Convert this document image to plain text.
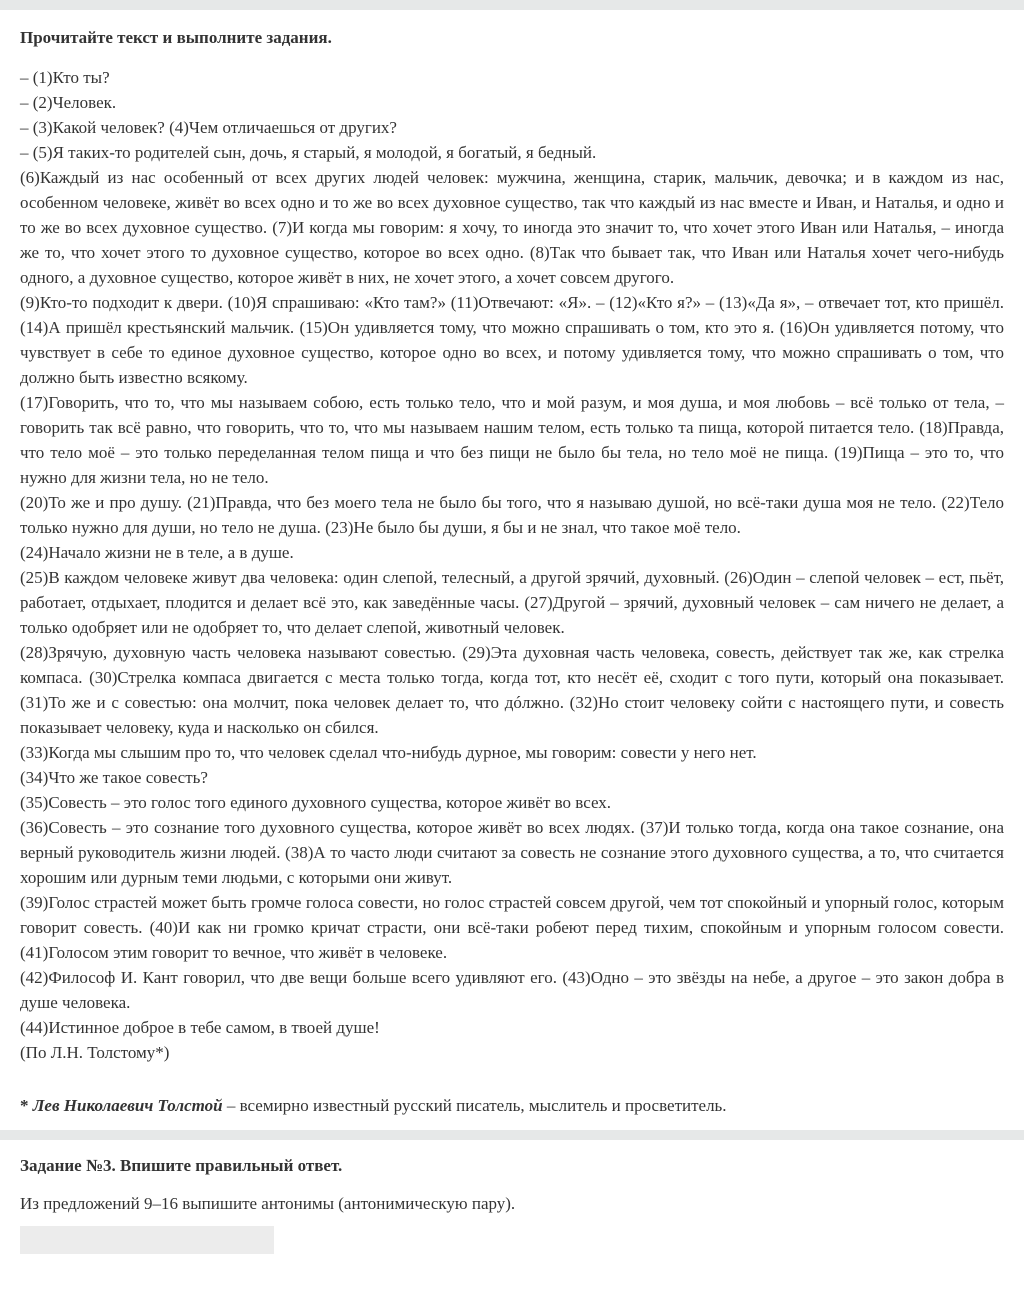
Прочитайте текст и выполните задания.

– (1)Кто ты?

– (2)Человек.

– (3)Какой человек? (4)Чем отличаешься от других?

– (5)Я таких-то родителей сын, дочь, я старый, я молодой, я богатый, я бедный.

(6)Каждый из нас особенный от всех других людей человек: мужчина, женщина, старик, мальчик, девочка; и в каждом из нас, особенном человеке, живёт во всех одно и то же во всех духовное существо, так что каждый из нас вместе и Иван, и Наталья, и одно и то же во всех духовное существо. (7)И когда мы говорим: я хочу, то иногда это значит то, что хочет этого Иван или Наталья, – иногда же то, что хочет этого то духовное существо, которое во всех одно. (8)Так что бывает так, что Иван или Наталья хочет чего-нибудь одного, а духовное существо, которое живёт в них, не хочет этого, а хочет совсем другого.

(9)Кто-то подходит к двери. (10)Я спрашиваю: «Кто там?» (11)Отвечают: «Я». – (12)«Кто я?» – (13)«Да я», – отвечает тот, кто пришёл. (14)А пришёл крестьянский мальчик. (15)Он удивляется тому, что можно спрашивать о том, кто это я. (16)Он удивляется потому, что чувствует в себе то единое духовное существо, которое одно во всех, и потому удивляется тому, что можно спрашивать о том, что должно быть известно всякому.

(17)Говорить, что то, что мы называем собою, есть только тело, что и мой разум, и моя душа, и моя любовь – всё только от тела, – говорить так всё равно, что говорить, что то, что мы называем нашим телом, есть только та пища, которой питается тело. (18)Правда, что тело моё – это только переделанная телом пища и что без пищи не было бы тела, но тело моё не пища. (19)Пища – это то, что нужно для жизни тела, но не тело.

(20)То же и про душу. (21)Правда, что без моего тела не было бы того, что я называю душой, но всё-таки душа моя не тело. (22)Тело только нужно для души, но тело не душа. (23)Не было бы души, я бы и не знал, что такое моё тело.

(24)Начало жизни не в теле, а в душе.

(25)В каждом человеке живут два человека: один слепой, телесный, а другой зрячий, духовный. (26)Один – слепой человек – ест, пьёт, работает, отдыхает, плодится и делает всё это, как заведённые часы. (27)Другой – зрячий, духовный человек – сам ничего не делает, а только одобряет или не одобряет то, что делает слепой, животный человек.

(28)Зрячую, духовную часть человека называют совестью. (29)Эта духовная часть человека, совесть, действует так же, как стрелка компаса. (30)Стрелка компаса двигается с места только тогда, когда тот, кто несёт её, сходит с того пути, который она показывает. (31)То же и с совестью: она молчит, пока человек делает то, что дóлжно. (32)Но стоит человеку сойти с настоящего пути, и совесть показывает человеку, куда и насколько он сбился.

(33)Когда мы слышим про то, что человек сделал что-нибудь дурное, мы говорим: совести у него нет.

(34)Что же такое совесть?

(35)Совесть – это голос того единого духовного существа, которое живёт во всех.

(36)Совесть – это сознание того духовного существа, которое живёт во всех людях. (37)И только тогда, когда она такое сознание, она верный руководитель жизни людей. (38)А то часто люди считают за совесть не сознание этого духовного существа, а то, что считается хорошим или дурным теми людьми, с которыми они живут.

(39)Голос страстей может быть громче голоса совести, но голос страстей совсем другой, чем тот спокойный и упорный голос, которым говорит совесть. (40)И как ни громко кричат страсти, они всё-таки робеют перед тихим, спокойным и упорным голосом совести. (41)Голосом этим говорит то вечное, что живёт в человеке.

(42)Философ И. Кант говорил, что две вещи больше всего удивляют его. (43)Одно – это звёзды на небе, а другое – это закон добра в душе человека.

(44)Истинное доброе в тебе самом, в твоей душе!

(По Л.Н. Толстому*)

* Лев Николаевич Толстой – всемирно известный русский писатель, мыслитель и просветитель.

Задание №3. Впишите правильный ответ.
Из предложений 9–16 выпишите антонимы (антонимическую пару).
